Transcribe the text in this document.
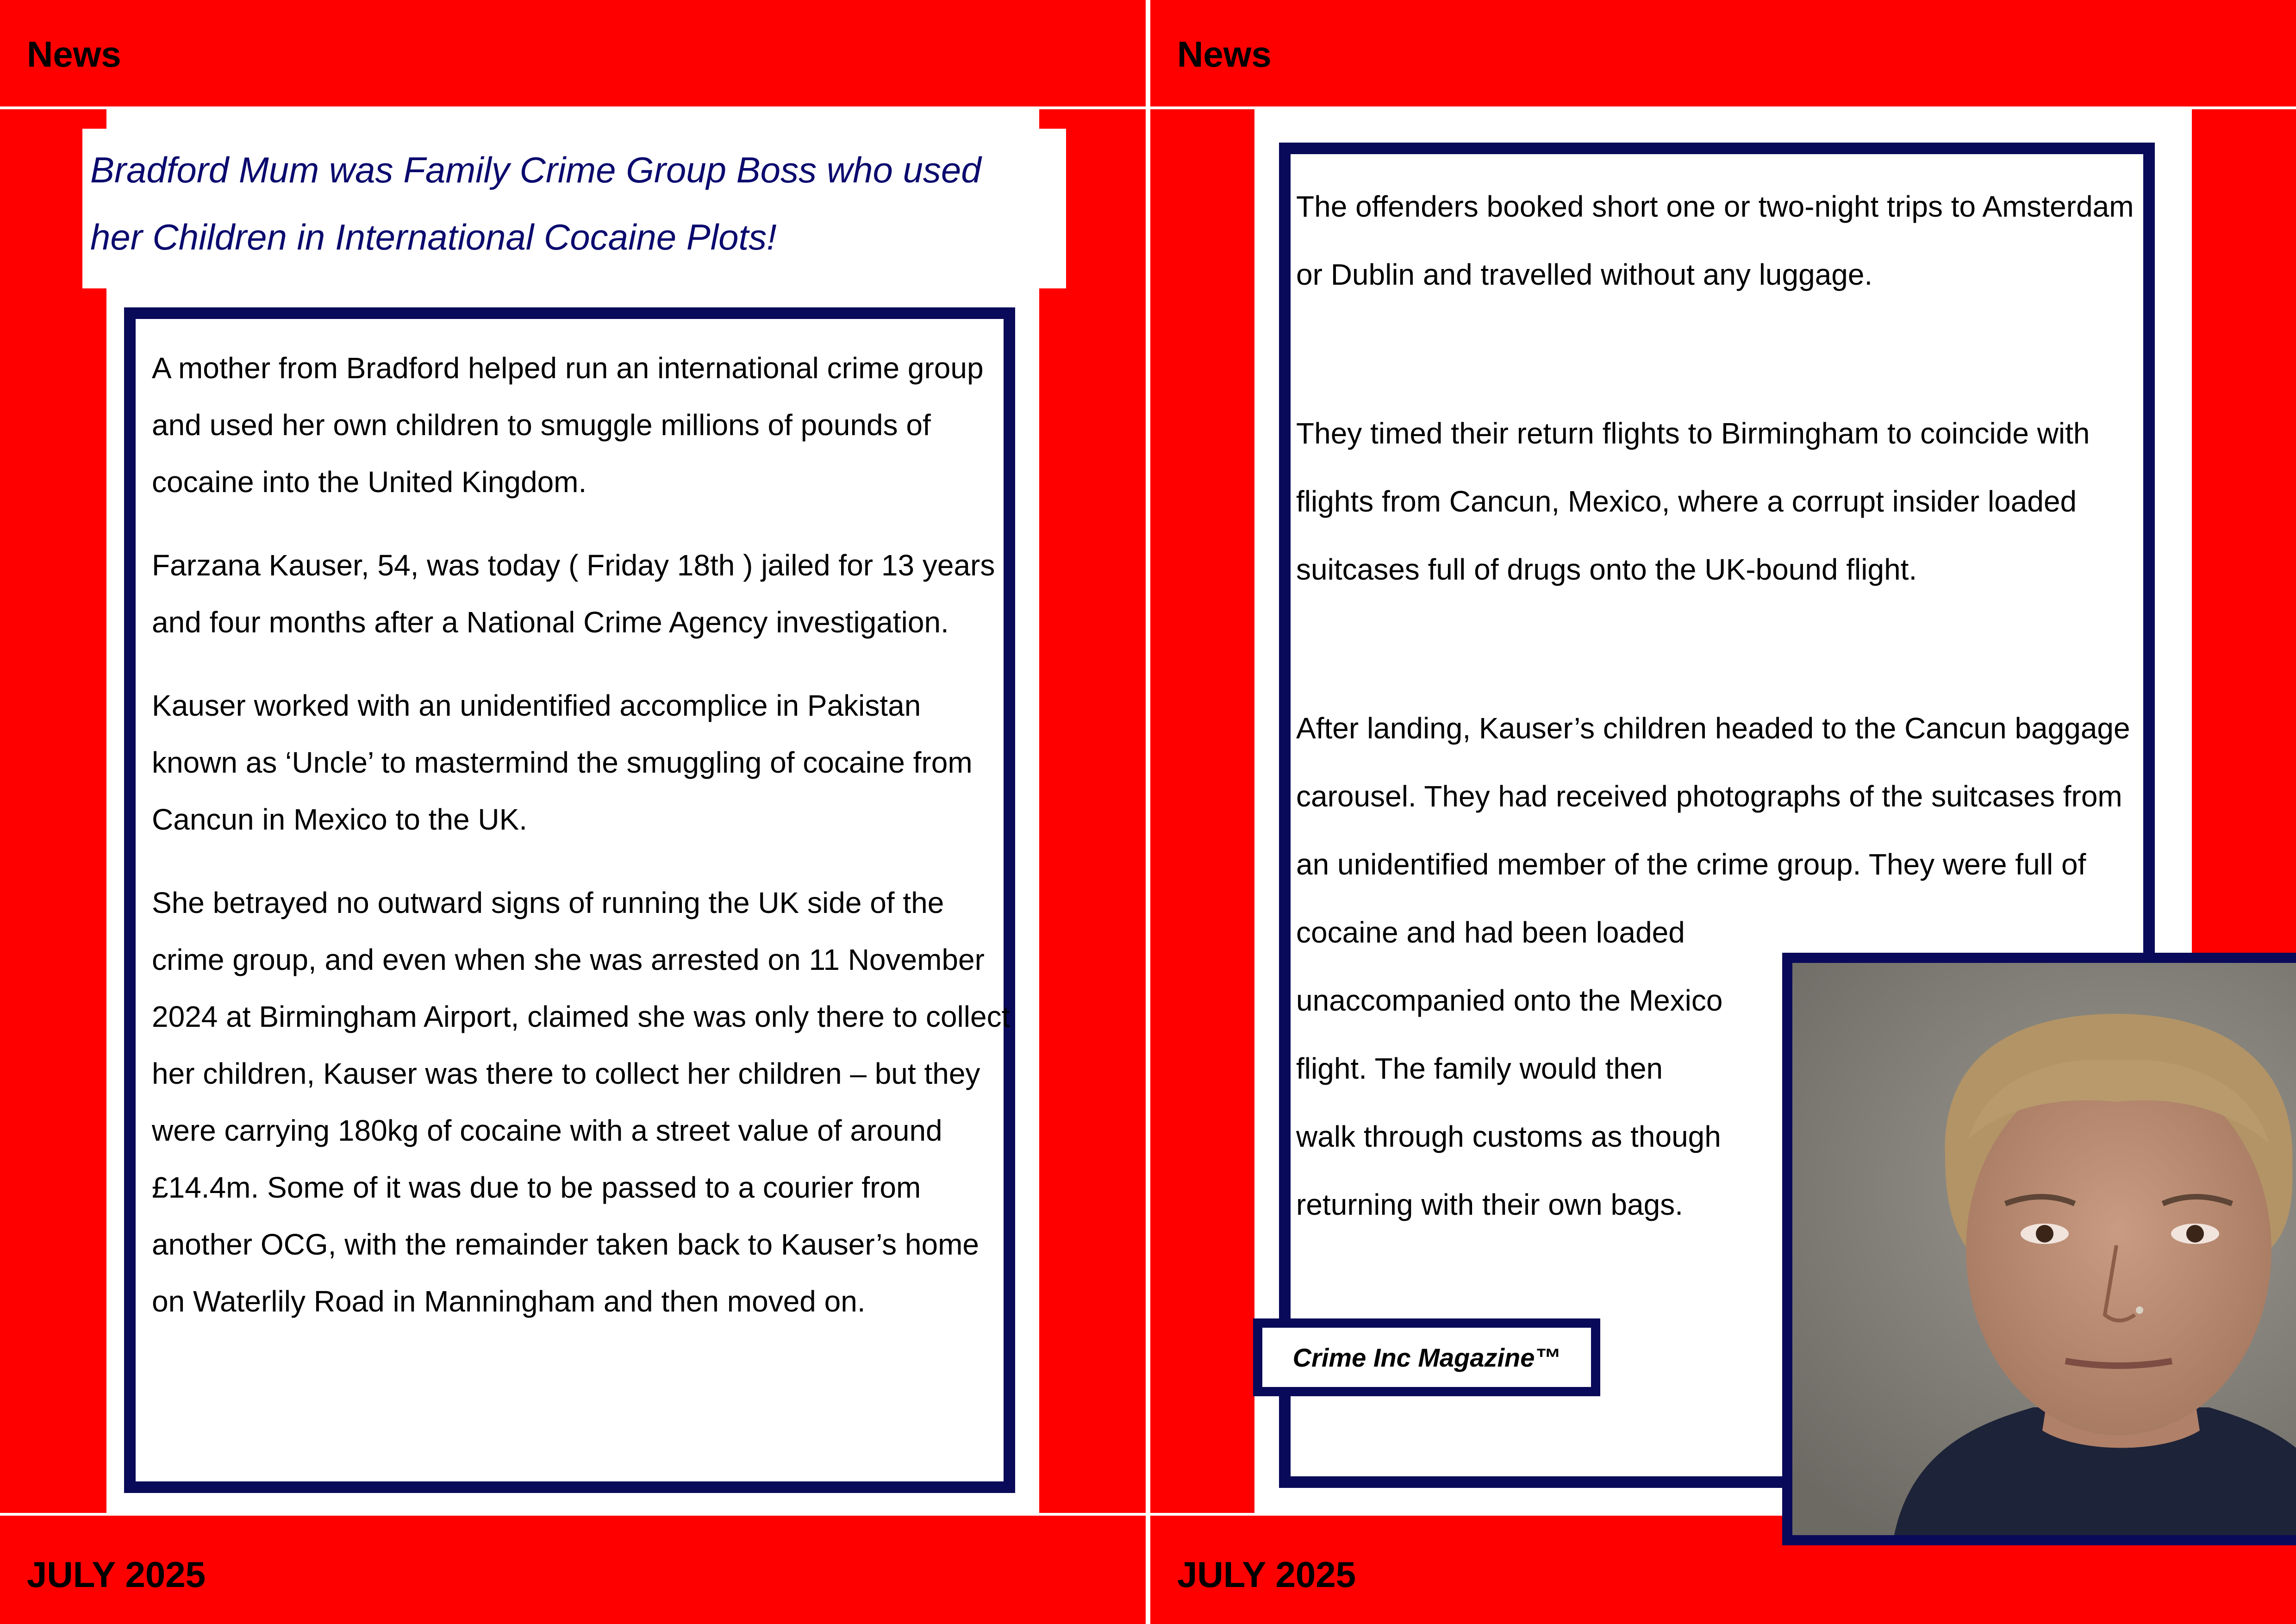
News
JULY 2025
Bradford Mum was Family Crime Group Boss who used
her Children in International Cocaine Plots!

A mother from Bradford helped run an international crime group and used her own children to smuggle millions of pounds of cocaine into the United Kingdom.

Farzana Kauser, 54, was today ( Friday 18th ) jailed for 13 years and four months after a National Crime Agency investigation.

Kauser worked with an unidentified accomplice in Pakistan known as ‘Uncle’ to mastermind the smuggling of cocaine from Cancun in Mexico to the UK.

She betrayed no outward signs of running the UK side of the crime group, and even when she was arrested on 11 November 2024 at Birmingham Airport, claimed she was only there to collect her children, Kauser was there to collect her children – but they were carrying 180kg of cocaine with a street value of around £14.4m. Some of it was due to be passed to a courier from another OCG, with the remainder taken back to Kauser’s home on Waterlily Road in Manningham and then moved on.

News
JULY 2025

The offenders booked short one or two-night trips to Amsterdam or Dublin and travelled without any luggage.

They timed their return flights to Birmingham to coincide with flights from Cancun, Mexico, where a corrupt insider loaded suitcases full of drugs onto the UK-bound flight.

After landing, Kauser’s children headed to the Cancun baggage carousel. They had received photographs of the suitcases from an unidentified member of the crime group. They were full of cocaine and had been loaded

unaccompanied onto the Mexico

flight. The family would then

walk through customs as though

returning with their own bags.

Crime Inc Magazine™
